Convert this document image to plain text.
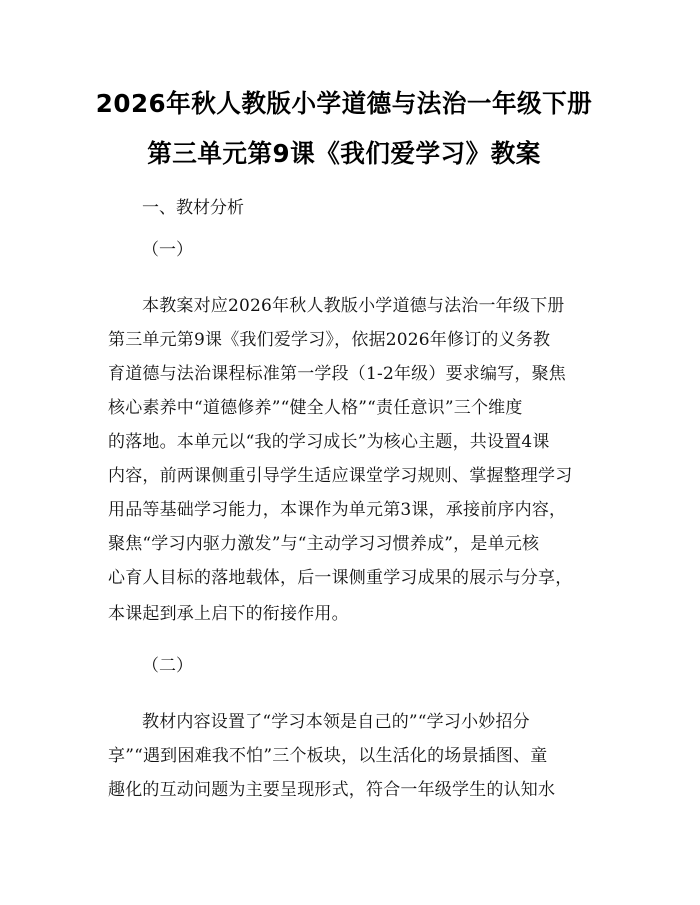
2026年秋人教版小学道德与法治一年级下册
第三单元第9课《我们爱学习》教案
一、教材分析
（一）
本教案对应2026年秋人教版小学道德与法治一年级下册
第三单元第9课《我们爱学习》，依据2026年修订的义务教
育道德与法治课程标准第一学段（1-2年级）要求编写，聚焦
核心素养中“道德修养”“健全人格”“责任意识”三个维度
的落地。本单元以“我的学习成长”为核心主题，共设置4课
内容，前两课侧重引导学生适应课堂学习规则、掌握整理学习
用品等基础学习能力，本课作为单元第3课，承接前序内容，
聚焦“学习内驱力激发”与“主动学习习惯养成”，是单元核
心育人目标的落地载体，后一课侧重学习成果的展示与分享，
本课起到承上启下的衔接作用。
（二）
教材内容设置了“学习本领是自己的”“学习小妙招分
享”“遇到困难我不怕”三个板块，以生活化的场景插图、童
趣化的互动问题为主要呈现形式，符合一年级学生的认知水
